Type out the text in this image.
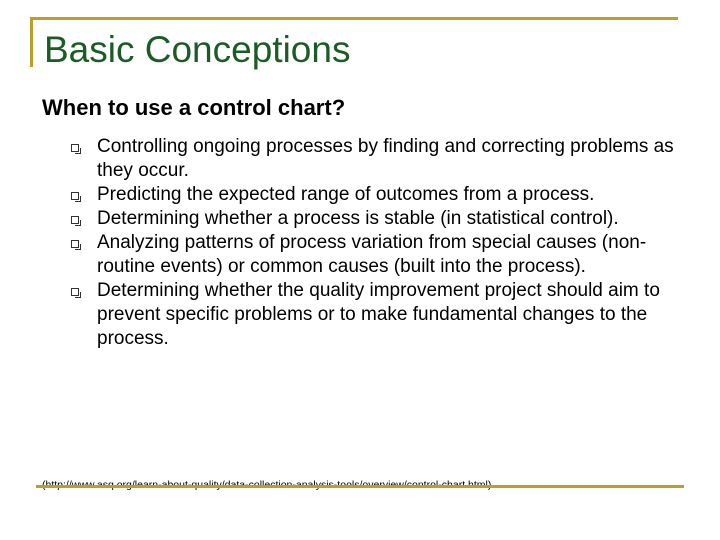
Basic Conceptions
When to use a control chart?
Controlling ongoing processes by finding and correcting problems as they occur.
Predicting the expected range of outcomes from a process.
Determining whether a process is stable (in statistical control).
Analyzing patterns of process variation from special causes (non-routine events) or common causes (built into the process).
Determining whether the quality improvement project should aim to prevent specific problems or to make fundamental changes to the process.
